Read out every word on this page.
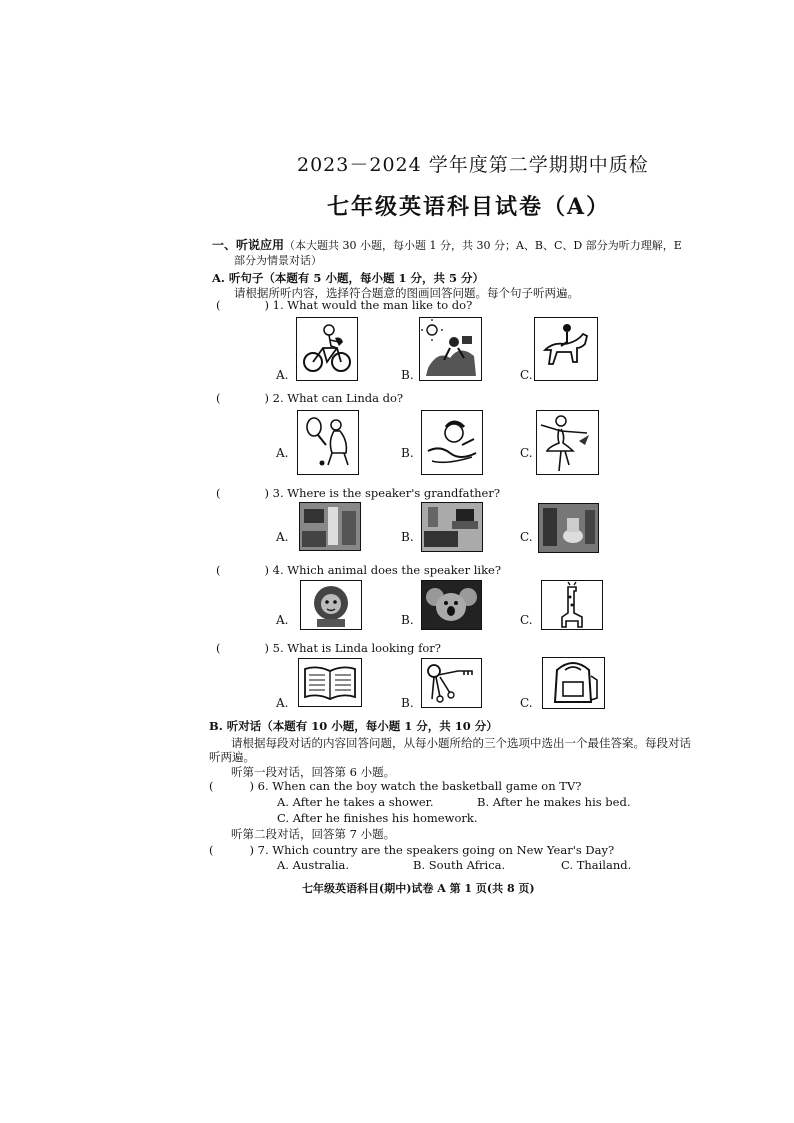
2023－2024 学年度第二学期期中质检
七年级英语科目试卷（A）
一、听说应用（本大题共 30 小题，每小题 1 分，共 30 分；A、B、C、D 部分为听力理解，E
部分为情景对话）
A. 听句子（本题有 5 小题，每小题 1 分，共 5 分）
请根据所听内容，选择符合题意的图画回答问题。每个句子听两遍。
(	) 1. What would the man like to do?
A.	B.	C.
(	) 2. What can Linda do?
A.	B.	C.
(	) 3. Where is the speaker's grandfather?
A.	B.	C.
(	) 4. Which animal does the speaker like?
A.	B.	C.
(	) 5. What is Linda looking for?
A.	B.	C.
B. 听对话（本题有 10 小题，每小题 1 分，共 10 分）
请根据每段对话的内容回答问题，从每小题所给的三个选项中选出一个最佳答案。每段对话
听两遍。
听第一段对话，回答第 6 小题。
(	) 6. When can the boy watch the basketball game on TV?
A. After he takes a shower.	B. After he makes his bed.
C. After he finishes his homework.
听第二段对话，回答第 7 小题。
(	) 7. Which country are the speakers going on New Year's Day?
A. Australia.	B. South Africa.	C. Thailand.
七年级英语科目(期中)试卷 A 第 1 页(共 8 页)
